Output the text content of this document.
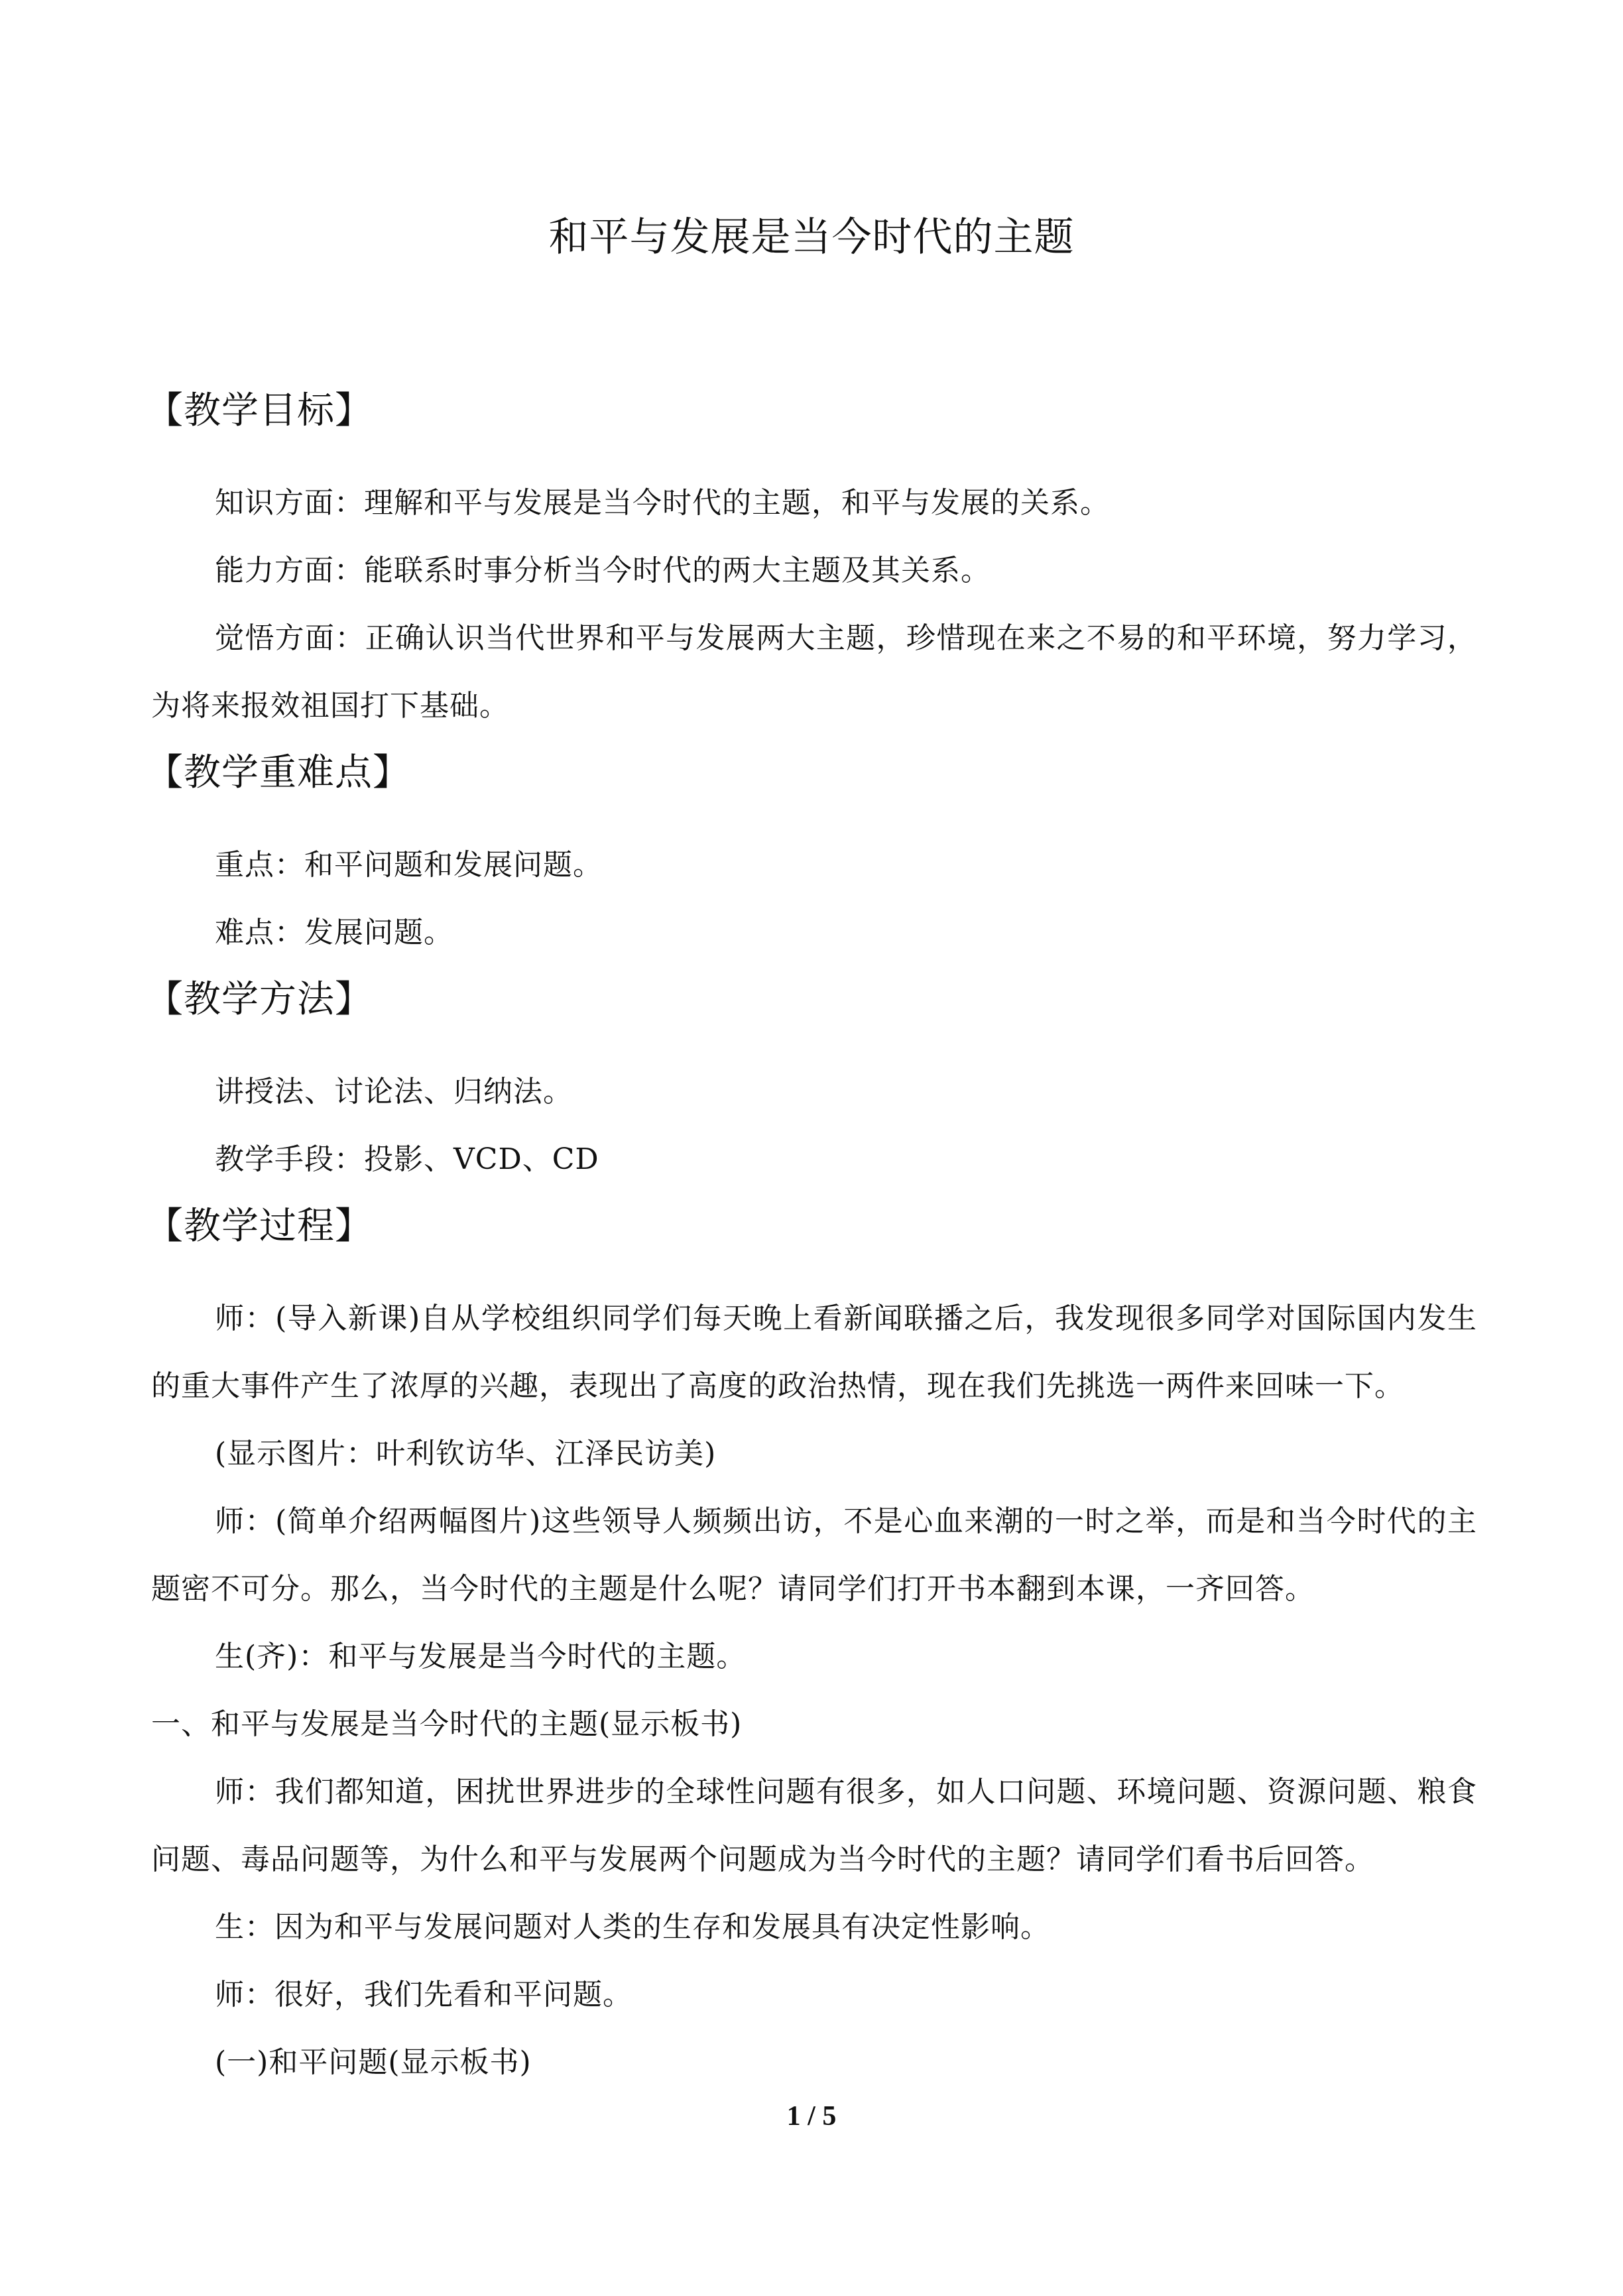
和平与发展是当今时代的主题
【教学目标】
知识方面：理解和平与发展是当今时代的主题，和平与发展的关系。
能力方面：能联系时事分析当今时代的两大主题及其关系。
觉悟方面：正确认识当代世界和平与发展两大主题，珍惜现在来之不易的和平环境，努力学习，为将来报效祖国打下基础。
【教学重难点】
重点：和平问题和发展问题。
难点：发展问题。
【教学方法】
讲授法、讨论法、归纳法。
教学手段：投影、VCD、CD
【教学过程】
师：(导入新课)自从学校组织同学们每天晚上看新闻联播之后，我发现很多同学对国际国内发生的重大事件产生了浓厚的兴趣，表现出了高度的政治热情，现在我们先挑选一两件来回味一下。
(显示图片：叶利钦访华、江泽民访美)
师：(简单介绍两幅图片)这些领导人频频出访，不是心血来潮的一时之举，而是和当今时代的主题密不可分。那么，当今时代的主题是什么呢？请同学们打开书本翻到本课，一齐回答。
生(齐)：和平与发展是当今时代的主题。
一、和平与发展是当今时代的主题(显示板书)
师：我们都知道，困扰世界进步的全球性问题有很多，如人口问题、环境问题、资源问题、粮食问题、毒品问题等，为什么和平与发展两个问题成为当今时代的主题？请同学们看书后回答。
生：因为和平与发展问题对人类的生存和发展具有决定性影响。
师：很好，我们先看和平问题。
(一)和平问题(显示板书)
1 / 5
